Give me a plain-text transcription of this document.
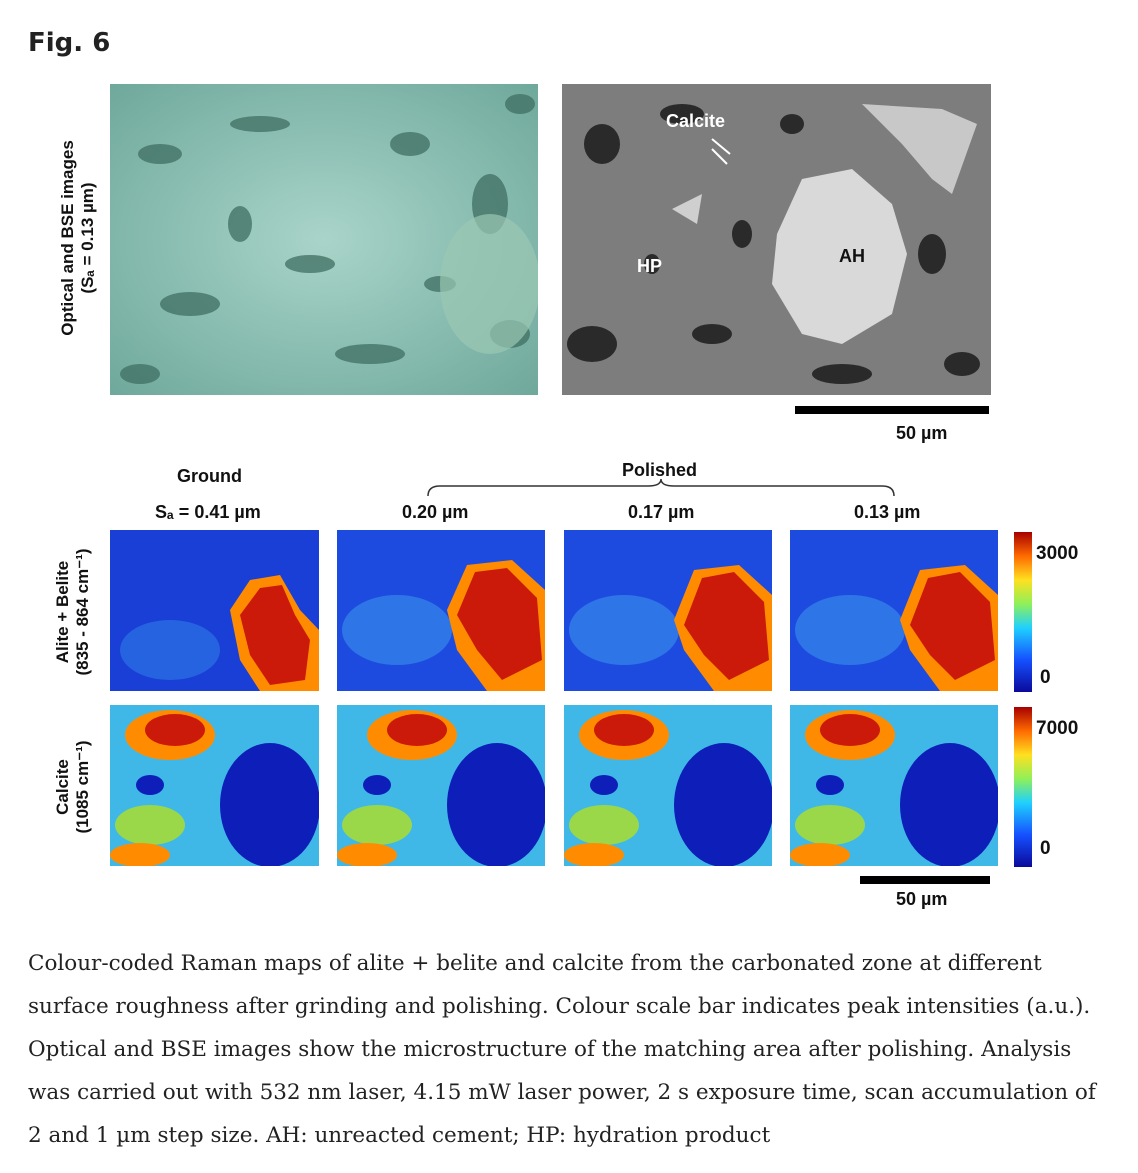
Fig. 6
Optical and BSE images (Sₐ = 0.13 µm)
Calcite
HP	AH
50 µm
Ground	Polished
Sₐ = 0.41 µm	0.20 µm	0.17 µm	0.13 µm
Alite + Belite (835 - 864 cm⁻¹)
Calcite (1085 cm⁻¹)
3000
0
7000
0
50 µm
Colour-coded Raman maps of alite + belite and calcite from the carbonated zone at different surface roughness after grinding and polishing. Colour scale bar indicates peak intensities (a.u.). Optical and BSE images show the microstructure of the matching area after polishing. Analysis was carried out with 532 nm laser, 4.15 mW laser power, 2 s exposure time, scan accumulation of 2 and 1 µm step size. AH: unreacted cement; HP: hydration product
